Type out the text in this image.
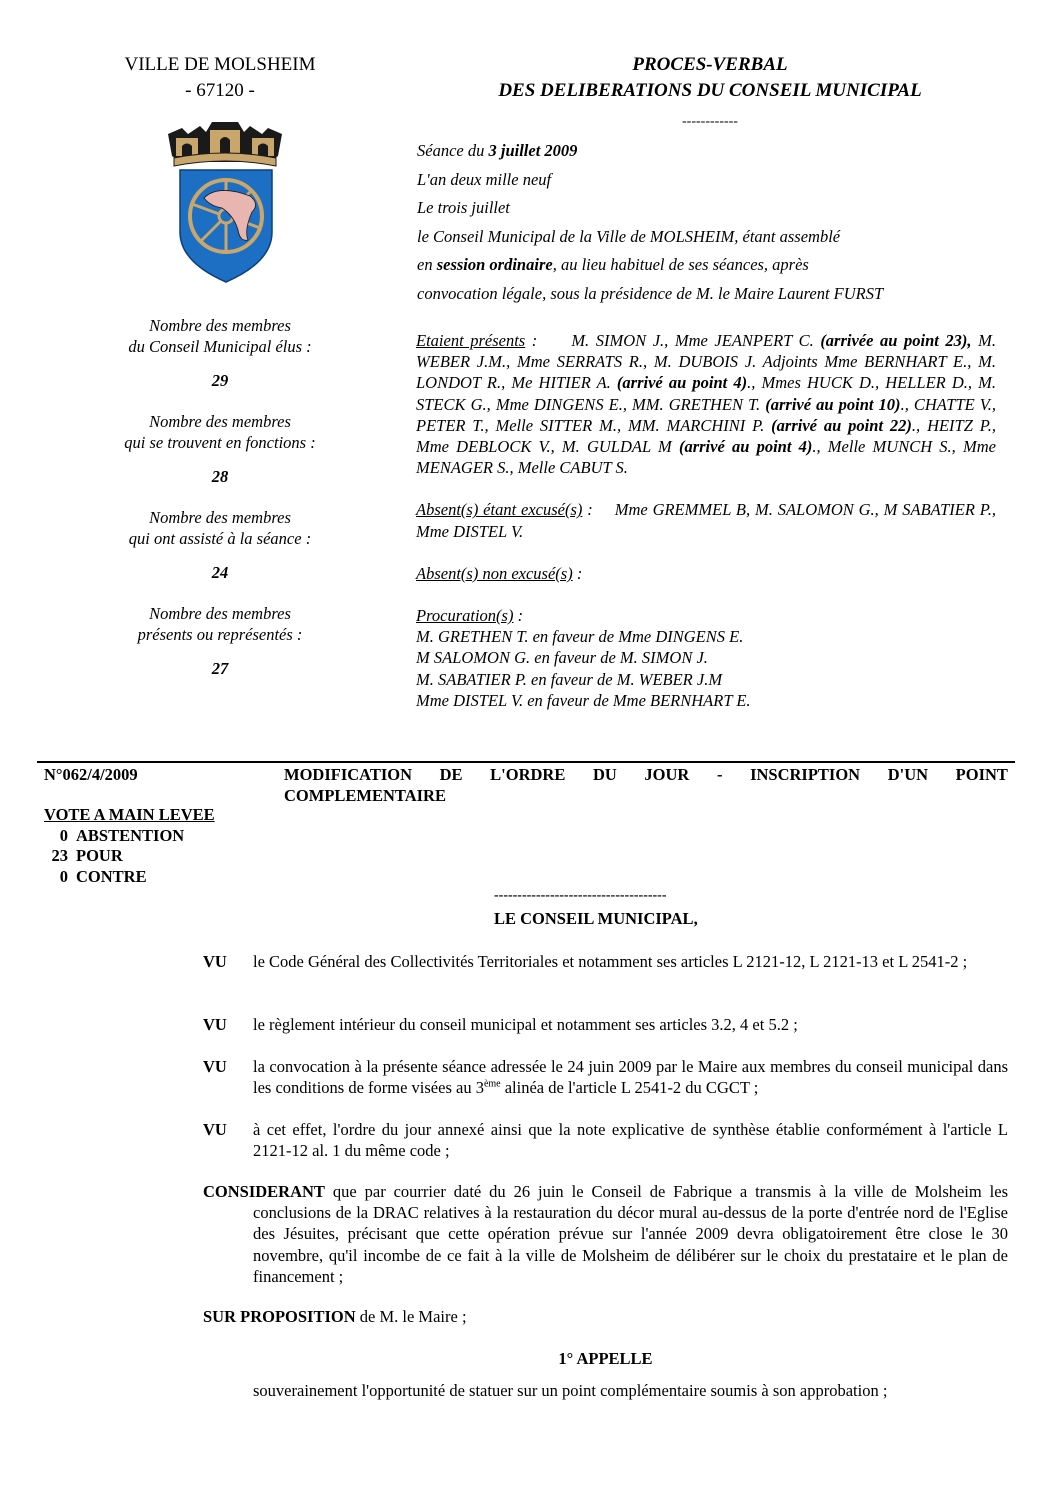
VILLE DE MOLSHEIM
- 67120 -
PROCES-VERBAL
DES DELIBERATIONS DU CONSEIL MUNICIPAL
------------
Séance du 3 juillet 2009
L'an deux mille neuf
Le trois juillet
le Conseil Municipal de la Ville de MOLSHEIM, étant assemblé
en session ordinaire, au lieu habituel de ses séances, après
convocation légale, sous la présidence de M. le Maire Laurent FURST
Nombre des membres
du Conseil Municipal élus :
29
Nombre des membres
qui se trouvent en fonctions :
28
Nombre des membres
qui ont assisté à la séance :
24
Nombre des membres
présents ou représentés :
27

Etaient présents : M. SIMON J., Mme JEANPERT C. (arrivée au point 23), M. WEBER J.M., Mme SERRATS R., M. DUBOIS J. Adjoints Mme BERNHART E., M. LONDOT R., Me HITIER A. (arrivé au point 4)., Mmes HUCK D., HELLER D., M. STECK G., Mme DINGENS E., MM. GRETHEN T. (arrivé au point 10)., CHATTE V., PETER T., Melle SITTER M., MM. MARCHINI P. (arrivé au point 22)., HEITZ P., Mme DEBLOCK V., M. GULDAL M (arrivé au point 4)., Melle MUNCH S., Mme MENAGER S., Melle CABUT S.

Absent(s) étant excusé(s) : Mme GREMMEL B, M. SALOMON G., M SABATIER P., Mme DISTEL V.

Absent(s) non excusé(s) :

Procuration(s) :
M. GRETHEN T. en faveur de Mme DINGENS E.
M SALOMON G. en faveur de M. SIMON J.
M. SABATIER P. en faveur de M. WEBER J.M
Mme DISTEL V. en faveur de Mme BERNHART E.
N°062/4/2009	MODIFICATION DE L'ORDRE DU JOUR - INSCRIPTION D'UN POINT
COMPLEMENTAIRE
VOTE A MAIN LEVEE
0 ABSTENTION
23 POUR
0 CONTRE
-------------------------------------
LE CONSEIL MUNICIPAL,
VU le Code Général des Collectivités Territoriales et notamment ses articles L 2121-12, L 2121-13 et L 2541-2 ;
VU le règlement intérieur du conseil municipal et notamment ses articles 3.2, 4 et 5.2 ;
VU la convocation à la présente séance adressée le 24 juin 2009 par le Maire aux membres du conseil municipal dans les conditions de forme visées au 3ème alinéa de l'article L 2541-2 du CGCT ;
VU à cet effet, l'ordre du jour annexé ainsi que la note explicative de synthèse établie conformément à l'article L 2121-12 al. 1 du même code ;
CONSIDERANT que par courrier daté du 26 juin le Conseil de Fabrique a transmis à la ville de Molsheim les
conclusions de la DRAC relatives à la restauration du décor mural au-dessus de la porte d'entrée nord de l'Eglise des Jésuites, précisant que cette opération prévue sur l'année 2009 devra obligatoirement être close le 30 novembre, qu'il incombe de ce fait à la ville de Molsheim de délibérer sur le choix du prestataire et le plan de financement ;
SUR PROPOSITION de M. le Maire ;
1° APPELLE
souverainement l'opportunité de statuer sur un point complémentaire soumis à son approbation ;
